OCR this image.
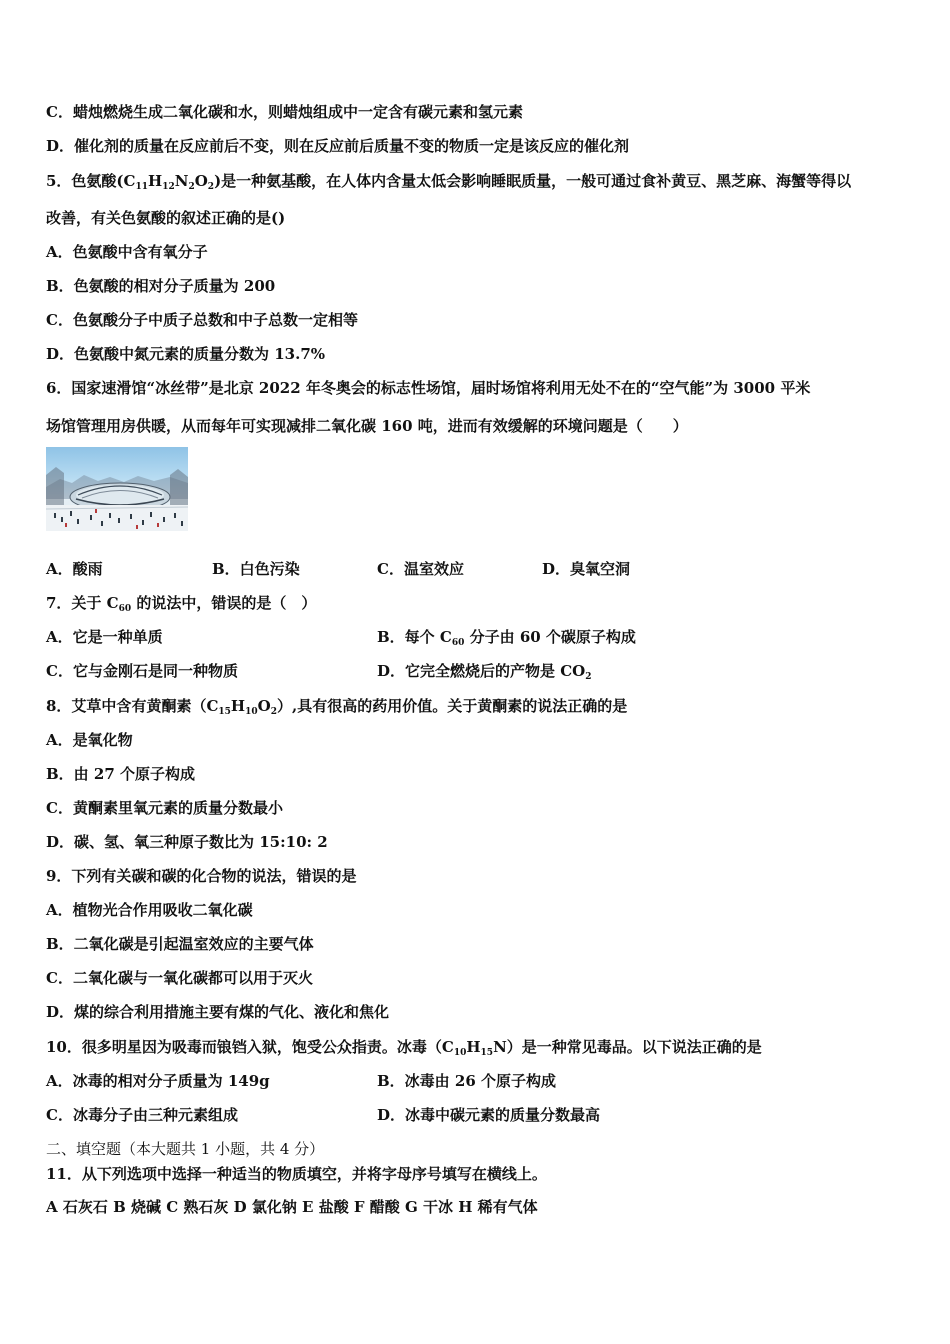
C．蜡烛燃烧生成二氧化碳和水，则蜡烛组成中一定含有碳元素和氢元素
D．催化剂的质量在反应前后不变，则在反应前后质量不变的物质一定是该反应的催化剂
5．色氨酸$(C_{11}H_{12}N_2O_2)$是一种氨基酸，在人体内含量太低会影响睡眠质量，一般可通过食补黄豆、黑芝麻、海蟹等得以
改善，有关色氨酸的叙述正确的是()
A．色氨酸中含有氧分子
B．色氨酸的相对分子质量为 200
C．色氨酸分子中质子总数和中子总数一定相等
D．色氨酸中氮元素的质量分数为 13.7%
6．国家速滑馆“冰丝带”是北京 2022 年冬奥会的标志性场馆，届时场馆将利用无处不在的“空气能”为 3000 平米
场馆管理用房供暖，从而每年可实现减排二氧化碳 160 吨，进而有效缓解的环境问题是（　　）
A．酸雨	B．白色污染	C．温室效应	D．臭氧空洞
7．关于 $C_{60}$ 的说法中，错误的是（　）
A．它是一种单质	B．每个 $C_{60}$ 分子由 60 个碳原子构成
C．它与金刚石是同一种物质	D．它完全燃烧后的产物是 $CO_2$
8．艾草中含有黄酮素$(C_{15}H_{10}O_2)$,具有很高的药用价值。关于黄酮素的说法正确的是
A．是氧化物
B．由 27 个原子构成
C．黄酮素里氧元素的质量分数最小
D．碳、氢、氧三种原子数比为 15:10: 2
9．下列有关碳和碳的化合物的说法，错误的是
A．植物光合作用吸收二氧化碳
B．二氧化碳是引起温室效应的主要气体
C．二氧化碳与一氧化碳都可以用于灭火
D．煤的综合利用措施主要有煤的气化、液化和焦化
10．很多明星因为吸毒而锒铛入狱，饱受公众指责。冰毒$(C_{10}H_{15}N)$是一种常见毒品。以下说法正确的是
A．冰毒的相对分子质量为 149g	B．冰毒由 26 个原子构成
C．冰毒分子由三种元素组成	D．冰毒中碳元素的质量分数最高
二、填空题（本大题共 1 小题，共 4 分）
11．从下列选项中选择一种适当的物质填空，并将字母序号填写在横线上。
A 石灰石 B 烧碱 C 熟石灰 D 氯化钠 E 盐酸 F 醋酸 G 干冰 H 稀有气体
